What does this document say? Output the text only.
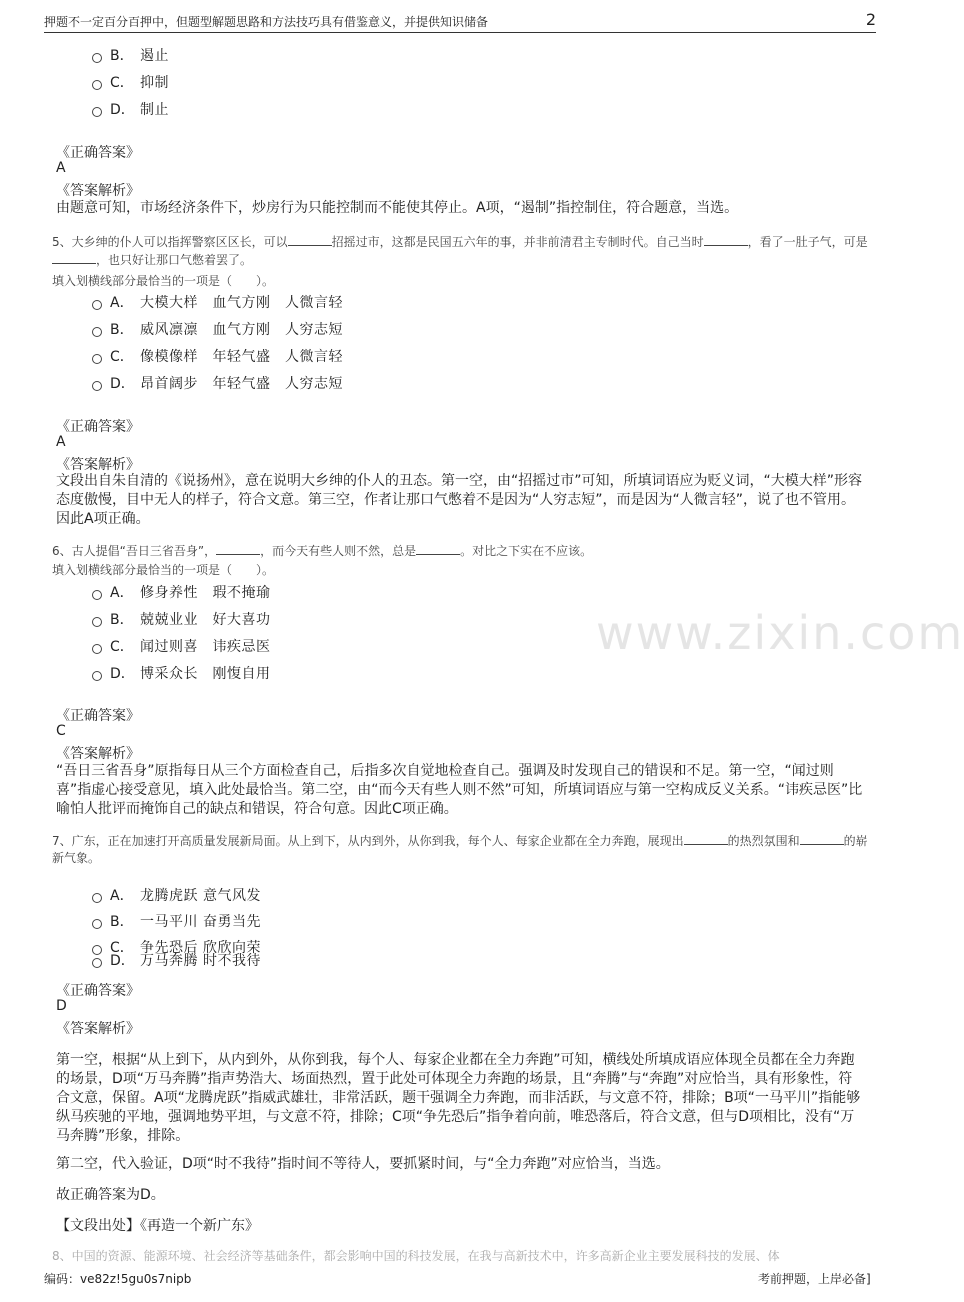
押题不一定百分百押中，但题型解题思路和方法技巧具有借鉴意义，并提供知识储备	2
B． 遏止
C． 抑制
D． 制止
《正确答案》
A
《答案解析》
由题意可知，市场经济条件下，炒房行为只能控制而不能使其停止。A项，“遏制”指控制住，符合题意，当选。
5、大乡绅的仆人可以指挥警察区区长，可以	招摇过市，这都是民国五六年的事，并非前清君主专制时代。自己当时	，看了一肚子气，可是，也只好让那口气憋着罢了。
填入划横线部分最恰当的一项是（　　）。
A． 大模大样　血气方刚　人微言轻
B． 威风凛凛　血气方刚　人穷志短
C． 像模像样　年轻气盛　人微言轻
D． 昂首阔步　年轻气盛　人穷志短
《正确答案》
A
《答案解析》
文段出自朱自清的《说扬州》，意在说明大乡绅的仆人的丑态。第一空，由“招摇过市”可知，所填词语应为贬义词，“大模大样”形容态度傲慢，目中无人的样子，符合文意。第三空，作者让那口气憋着不是因为“人穷志短”，而是因为“人微言轻”，说了也不管用。因此A项正确。
6、古人提倡“吾日三省吾身”，	，而今天有些人则不然，总是	。对比之下实在不应该。
填入划横线部分最恰当的一项是（　　）。
A． 修身养性　瑕不掩瑜
B． 兢兢业业　好大喜功
C． 闻过则喜　讳疾忌医
D． 博采众长　刚愎自用
《正确答案》
C
《答案解析》
“吾日三省吾身”原指每日从三个方面检查自己，后指多次自觉地检查自己。强调及时发现自己的错误和不足。第一空，“闻过则喜”指虚心接受意见，填入此处最恰当。第二空，由“而今天有些人则不然”可知，所填词语应与第一空构成反义关系。“讳疾忌医”比喻怕人批评而掩饰自己的缺点和错误，符合句意。因此C项正确。
7、广东，正在加速打开高质量发展新局面。从上到下，从内到外，从你到我，每个人、每家企业都在全力奔跑，展现出	的热烈氛围和	的崭新气象。
A． 龙腾虎跃 意气风发
B． 一马平川 奋勇当先
C． 争先恐后 欣欣向荣
D． 万马奔腾 时不我待
《正确答案》
D
《答案解析》
第一空，根据“从上到下，从内到外，从你到我，每个人、每家企业都在全力奔跑”可知，横线处所填成语应体现全员都在全力奔跑的场景，D项“万马奔腾”指声势浩大、场面热烈，置于此处可体现全力奔跑的场景，且“奔腾”与“奔跑”对应恰当，具有形象性，符合文意，保留。A项“龙腾虎跃”指威武雄壮，非常活跃，题干强调全力奔跑，而非活跃，与文意不符，排除；B项“一马平川”指能够纵马疾驰的平地，强调地势平坦，与文意不符，排除；C项“争先恐后”指争着向前，唯恐落后，符合文意，但与D项相比，没有“万马奔腾”形象，排除。
第二空，代入验证，D项“时不我待”指时间不等待人，要抓紧时间，与“全力奔跑”对应恰当，当选。
故正确答案为D。
【文段出处】《再造一个新广东》
8、中国的资源、能源环境、社会经济等基础条件，都会影响中国的科技发展，在我与高新技术中，许多高新企业主要发展科技的发展、体
www.zixin.com
编码：ve82z!5gu0s7nipb	考前押题，上岸必备]
